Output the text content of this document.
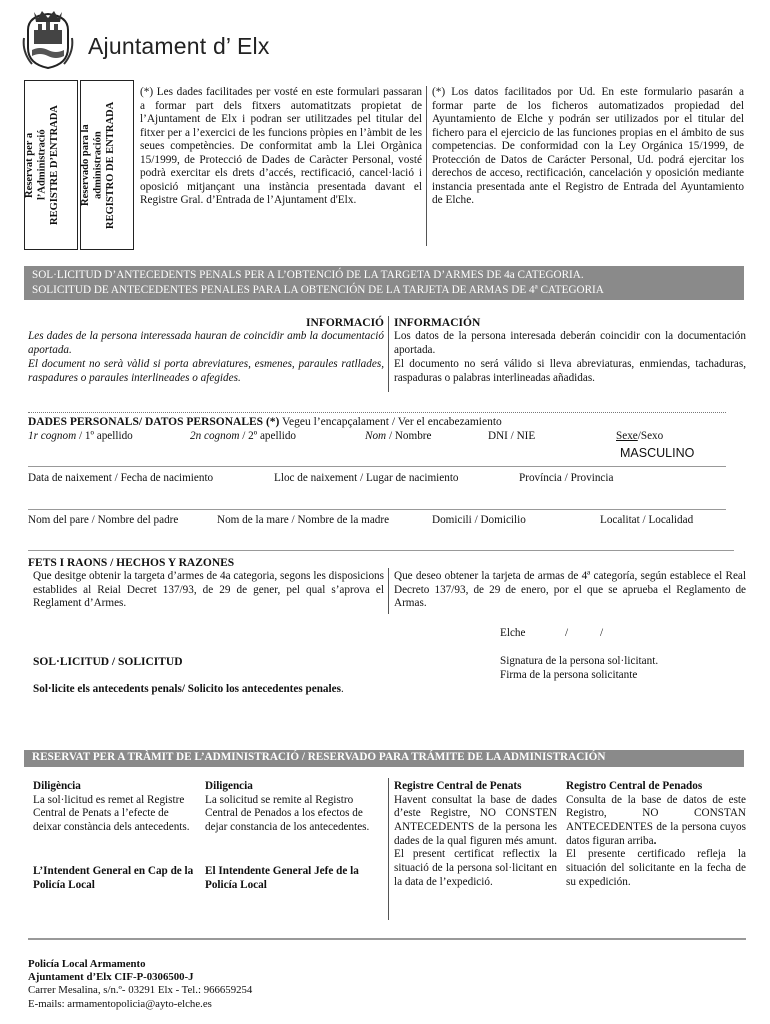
Ajuntament d’ Elx
Reservat per a
l’Administració
REGISTRE D’ENTRADA	Reservado para la
administración
REGISTRO DE ENTRADA

(*) Les dades facilitades per vosté en este formulari passaran a formar part dels fitxers automatitzats propietat de l’Ajuntament de Elx i podran ser utilitzades pel titular del fitxer per a l’exercici de les funcions pròpies en l’àmbit de les seues competències. De conformitat amb la Llei Orgànica 15/1999, de Protecció de Dades de Caràcter Personal, vosté podrà exercitar els drets d’accés, rectificació, cancel·lació i oposició mitjançant una instància presentada davant el Registre Gral. d’Entrada de l’Ajuntament d'Elx.

(*) Los datos facilitados por Ud. En este formulario pasarán a formar parte de los ficheros automatizados propiedad del Ayuntamiento de Elche y podrán ser utilizados por el titular del fichero para el ejercicio de las funciones propias en el ámbito de sus competencias. De conformidad con la Ley Orgánica 15/1999, de Protección de Datos de Carácter Personal, Ud. podrá ejercitar los derechos de acceso, rectificación, cancelación y oposición mediante instancia presentada ante el Registro de Entrada del Ayuntamiento de Elche.

SOL·LICITUD D’ANTECEDENTS PENALS PER A L’OBTENCIÓ DE LA TARGETA D’ARMES DE 4a CATEGORIA.
SOLICITUD DE ANTECEDENTES PENALES PARA LA OBTENCIÓN DE LA TARJETA DE ARMAS DE 4ª CATEGORIA
INFORMACIÓ

Les dades de la persona interessada hauran de coincidir amb la documentació aportada.

El document no serà vàlid si porta abreviatures, esmenes, paraules ratllades, raspadures o paraules interlineades o afegides.

INFORMACIÓN

Los datos de la persona interesada deberán coincidir con la documentación aportada.

El documento no será válido si lleva abreviaturas, enmiendas, tachaduras, raspaduras o palabras interlineadas añadidas.

DADES PERSONALS/ DATOS PERSONALES (*) Vegeu l’encapçalament / Ver el encabezamiento
1r cognom / 1º apellido	2n cognom / 2º apellido	Nom / Nombre	DNI / NIE	Sexe/Sexo
MASCULINO
Data de naixement / Fecha de nacimiento	Lloc de naixement / Lugar de nacimiento	Província / Provincia
Nom del pare / Nombre del padre	Nom de la mare / Nombre de la madre	Domicili / Domicilio	Localitat / Localidad
FETS I RAONS / HECHOS Y RAZONES

Que desitge obtenir la targeta d’armes de 4a categoria, segons les disposicions establides al Reial Decret 137/93, de 29 de gener, pel qual s’aprova el Reglament d’Armes.

Que deseo obtener la tarjeta de armas de 4ª categoría, según establece el Real Decreto 137/93, de 29 de enero, por el que se aprueba el Reglamento de Armas.

Elche	/	/
SOL·LICITUD / SOLICITUD	Signatura de la persona sol·licitant.
Firma de la persona solicitante
Sol·licite els antecedents penals/ Solicito los antecedentes penales.
RESERVAT PER A TRÀMIT DE L’ADMINISTRACIÓ / RESERVADO PARA TRÁMITE DE LA ADMINISTRACIÓN
Diligència

La sol·licitud es remet al Registre Central de Penats a l’efecte de deixar constància dels antecedents.

L’Intendent General en Cap de la Policía Local
Diligencia

La solicitud se remite al Registro Central de Penados a los efectos de dejar constancia de los antecedentes.

El Intendente General Jefe de la Policía Local
Registre Central de Penats

Havent consultat la base de dades d’este Registre, NO CONSTEN ANTECEDENTS de la persona les dades de la qual figuren més amunt. El present certificat reflectix la situació de la persona sol·licitant en la data de l’expedició.

Registro Central de Penados

Consulta de la base de datos de este Registro, NO CONSTAN ANTECEDENTES de la persona cuyos datos figuran arriba.

El presente certificado refleja la situación del solicitante en la fecha de su expedición.

Policía Local Armamento
Ajuntament d’Elx CIF-P-0306500-J
Carrer Mesalina, s/n.º- 03291 Elx - Tel.: 966659254
E-mails: armamentopolicia@ayto-elche.es
